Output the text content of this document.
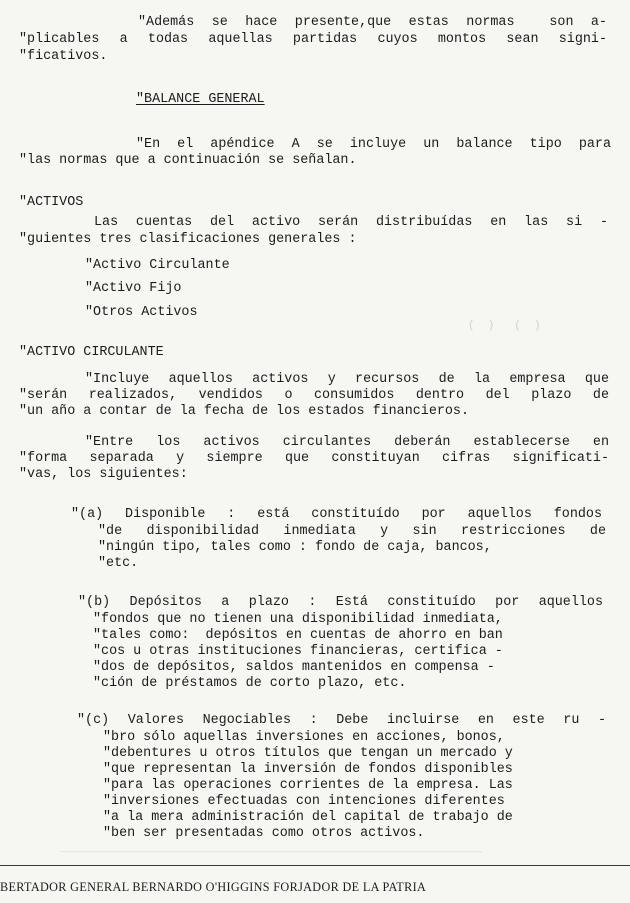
(  )   (  )
________________________________________________________________
"Además se hace presente,que estas normas  son a-
"plicables a todas aquellas partidas cuyos montos sean signi-
"ficativos.
"BALANCE GENERAL
"En el apéndice A se incluye un balance tipo para
"las normas que a continuación se señalan.
"ACTIVOS
Las cuentas del activo serán distribuídas en las si -
"guientes tres clasificaciones generales :
"Activo Circulante
"Activo Fijo
"Otros Activos
"ACTIVO CIRCULANTE
"Incluye aquellos activos y recursos de la empresa que
"serán realizados, vendidos o consumidos dentro del plazo de
"un año a contar de la fecha de los estados financieros.
"Entre los activos circulantes deberán establecerse en
"forma separada y siempre que constituyan cifras significati-
"vas, los siguientes:
"(a) Disponible : está constituído por aquellos fondos
"de disponibilidad inmediata y sin restricciones de
"ningún tipo, tales como : fondo de caja, bancos,
"etc.
"(b) Depósitos a plazo : Está constituído por aquellos
"fondos que no tienen una disponibilidad inmediata,
"tales como:  depósitos en cuentas de ahorro en ban
"cos u otras instituciones financieras, certifica -
"dos de depósitos, saldos mantenidos en compensa -
"ción de préstamos de corto plazo, etc.
"(c) Valores Negociables : Debe incluirse en este ru -
"bro sólo aquellas inversiones en acciones, bonos,
"debentures u otros títulos que tengan un mercado y
"que representan la inversión de fondos disponibles
"para las operaciones corrientes de la empresa. Las
"inversiones efectuadas con intenciones diferentes
"a la mera administración del capital de trabajo de
"ben ser presentadas como otros activos.
BERTADOR GENERAL BERNARDO O'HIGGINS FORJADOR DE LA PATRIA
